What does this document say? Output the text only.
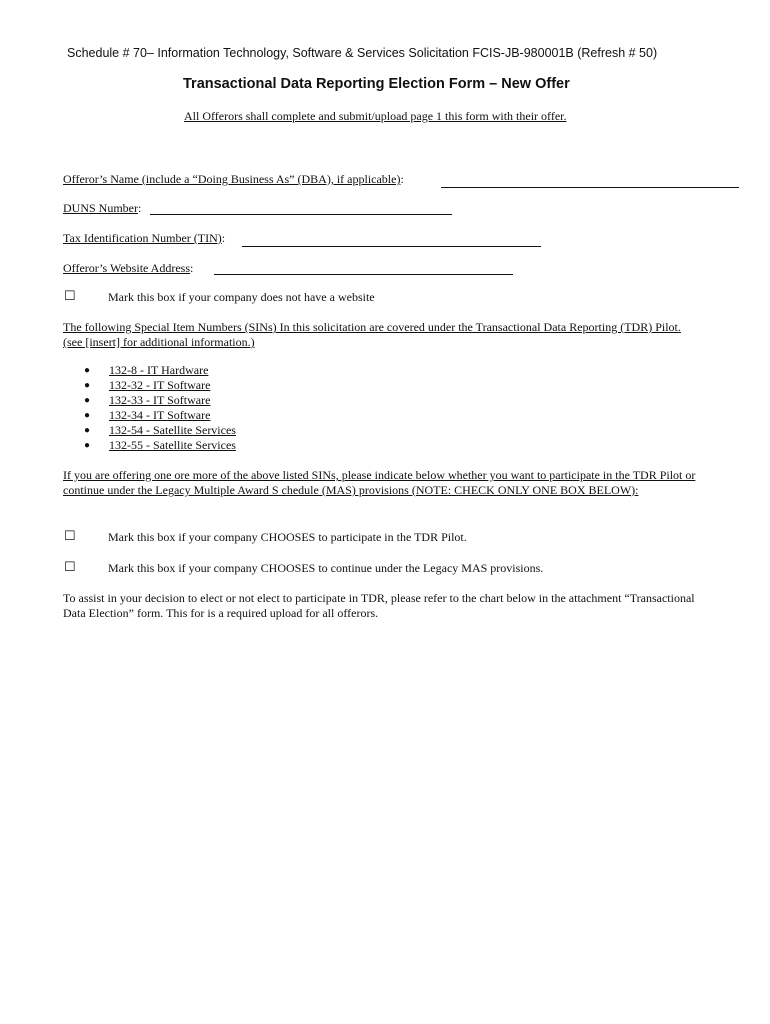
Schedule # 70– Information Technology, Software & Services Solicitation FCIS-JB-980001B (Refresh # 50)
Transactional Data Reporting Election Form – New Offer
All Offerors shall complete and submit/upload page 1 this form with their offer.
Offeror’s Name (include a “Doing Business As” (DBA), if applicable):
DUNS Number:
Tax Identification Number (TIN):
Offeror’s Website Address:
☐	Mark this box if your company does not have a website
The following Special Item Numbers (SINs) In this solicitation are covered under the Transactional Data Reporting (TDR) Pilot. (see [insert] for additional information.)
● 132-8 - IT Hardware
● 132-32 - IT Software
● 132-33 - IT Software
● 132-34 - IT Software
● 132-54 - Satellite Services
● 132-55 - Satellite Services
If you are offering one ore more of the above listed SINs, please indicate below whether you want to participate in the TDR Pilot or continue under the Legacy Multiple Award S chedule (MAS) provisions (NOTE: CHECK ONLY ONE BOX BELOW):
☐	Mark this box if your company CHOOSES to participate in the TDR Pilot.
☐	Mark this box if your company CHOOSES to continue under the Legacy MAS provisions.
To assist in your decision to elect or not elect to participate in TDR, please refer to the chart below in the attachment “Transactional Data Election” form. This for is a required upload for all offerors.
